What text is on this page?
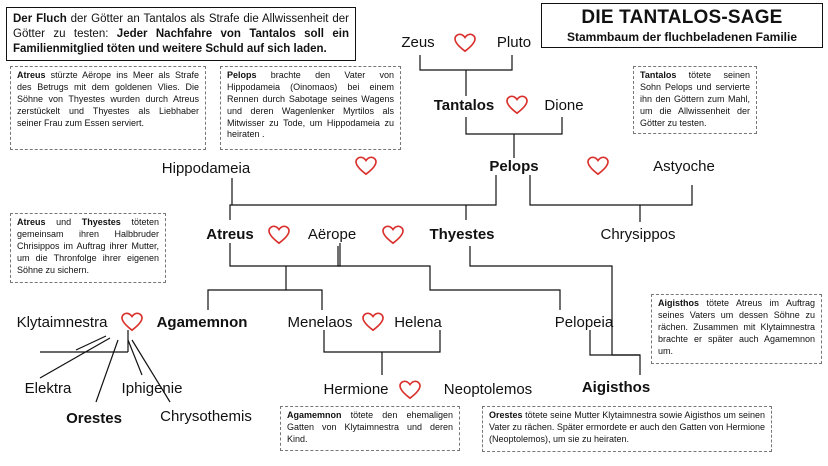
DIE TANTALOS-SAGE
Stammbaum der fluchbeladenen Familie
Der Fluch der Götter an Tantalos als Strafe die Allwissenheit der Götter zu testen: Jeder Nachfahre von Tantalos soll ein Familienmitglied töten und weitere Schuld auf sich laden.
Atreus stürzte Aërope ins Meer als Strafe des Betrugs mit dem goldenen Vlies. Die Söhne von Thyestes wurden durch Atreus zerstückelt und Thyestes als Liebhaber seiner Frau zum Essen serviert.
Pelops brachte den Vater von Hippodameia (Oinomaos) bei einem Rennen durch Sabotage seines Wagens und deren Wagenlenker Myrtilos als Mitwisser zu Tode, um Hippodameia zu heiraten .
Tantalos tötete seinen Sohn Pelops und servierte ihn den Göttern zum Mahl, um die Allwissenheit der Götter zu testen.
Atreus und Thyestes töteten gemeinsam ihren Halbbruder Chrisippos im Auftrag ihrer Mutter, um die Thronfolge ihrer eigenen Söhne zu sichern.
Aigisthos tötete Atreus im Auftrag seines Vaters um dessen Söhne zu rächen. Zusammen mit Klytaimnestra brachte er später auch Agamemnon um.
Agamemnon tötete den ehemaligen Gatten von Klytaimnestra und deren Kind.
Orestes tötete seine Mutter Klytaimnestra sowie Aigisthos um seinen Vater zu rächen. Später ermordete er auch den Gatten von Hermione (Neoptolemos), um sie zu heiraten.
Zeus	Pluto
Tantalos	Dione
Hippodameia	Pelops	Astyoche
Atreus	Aërope	Thyestes	Chrysippos
Klytaimnestra	Agamemnon	Menelaos	Helena	Pelopeia
Elektra	Iphigenie
Orestes	Chrysothemis
Hermione	Neoptolemos	Aigisthos
